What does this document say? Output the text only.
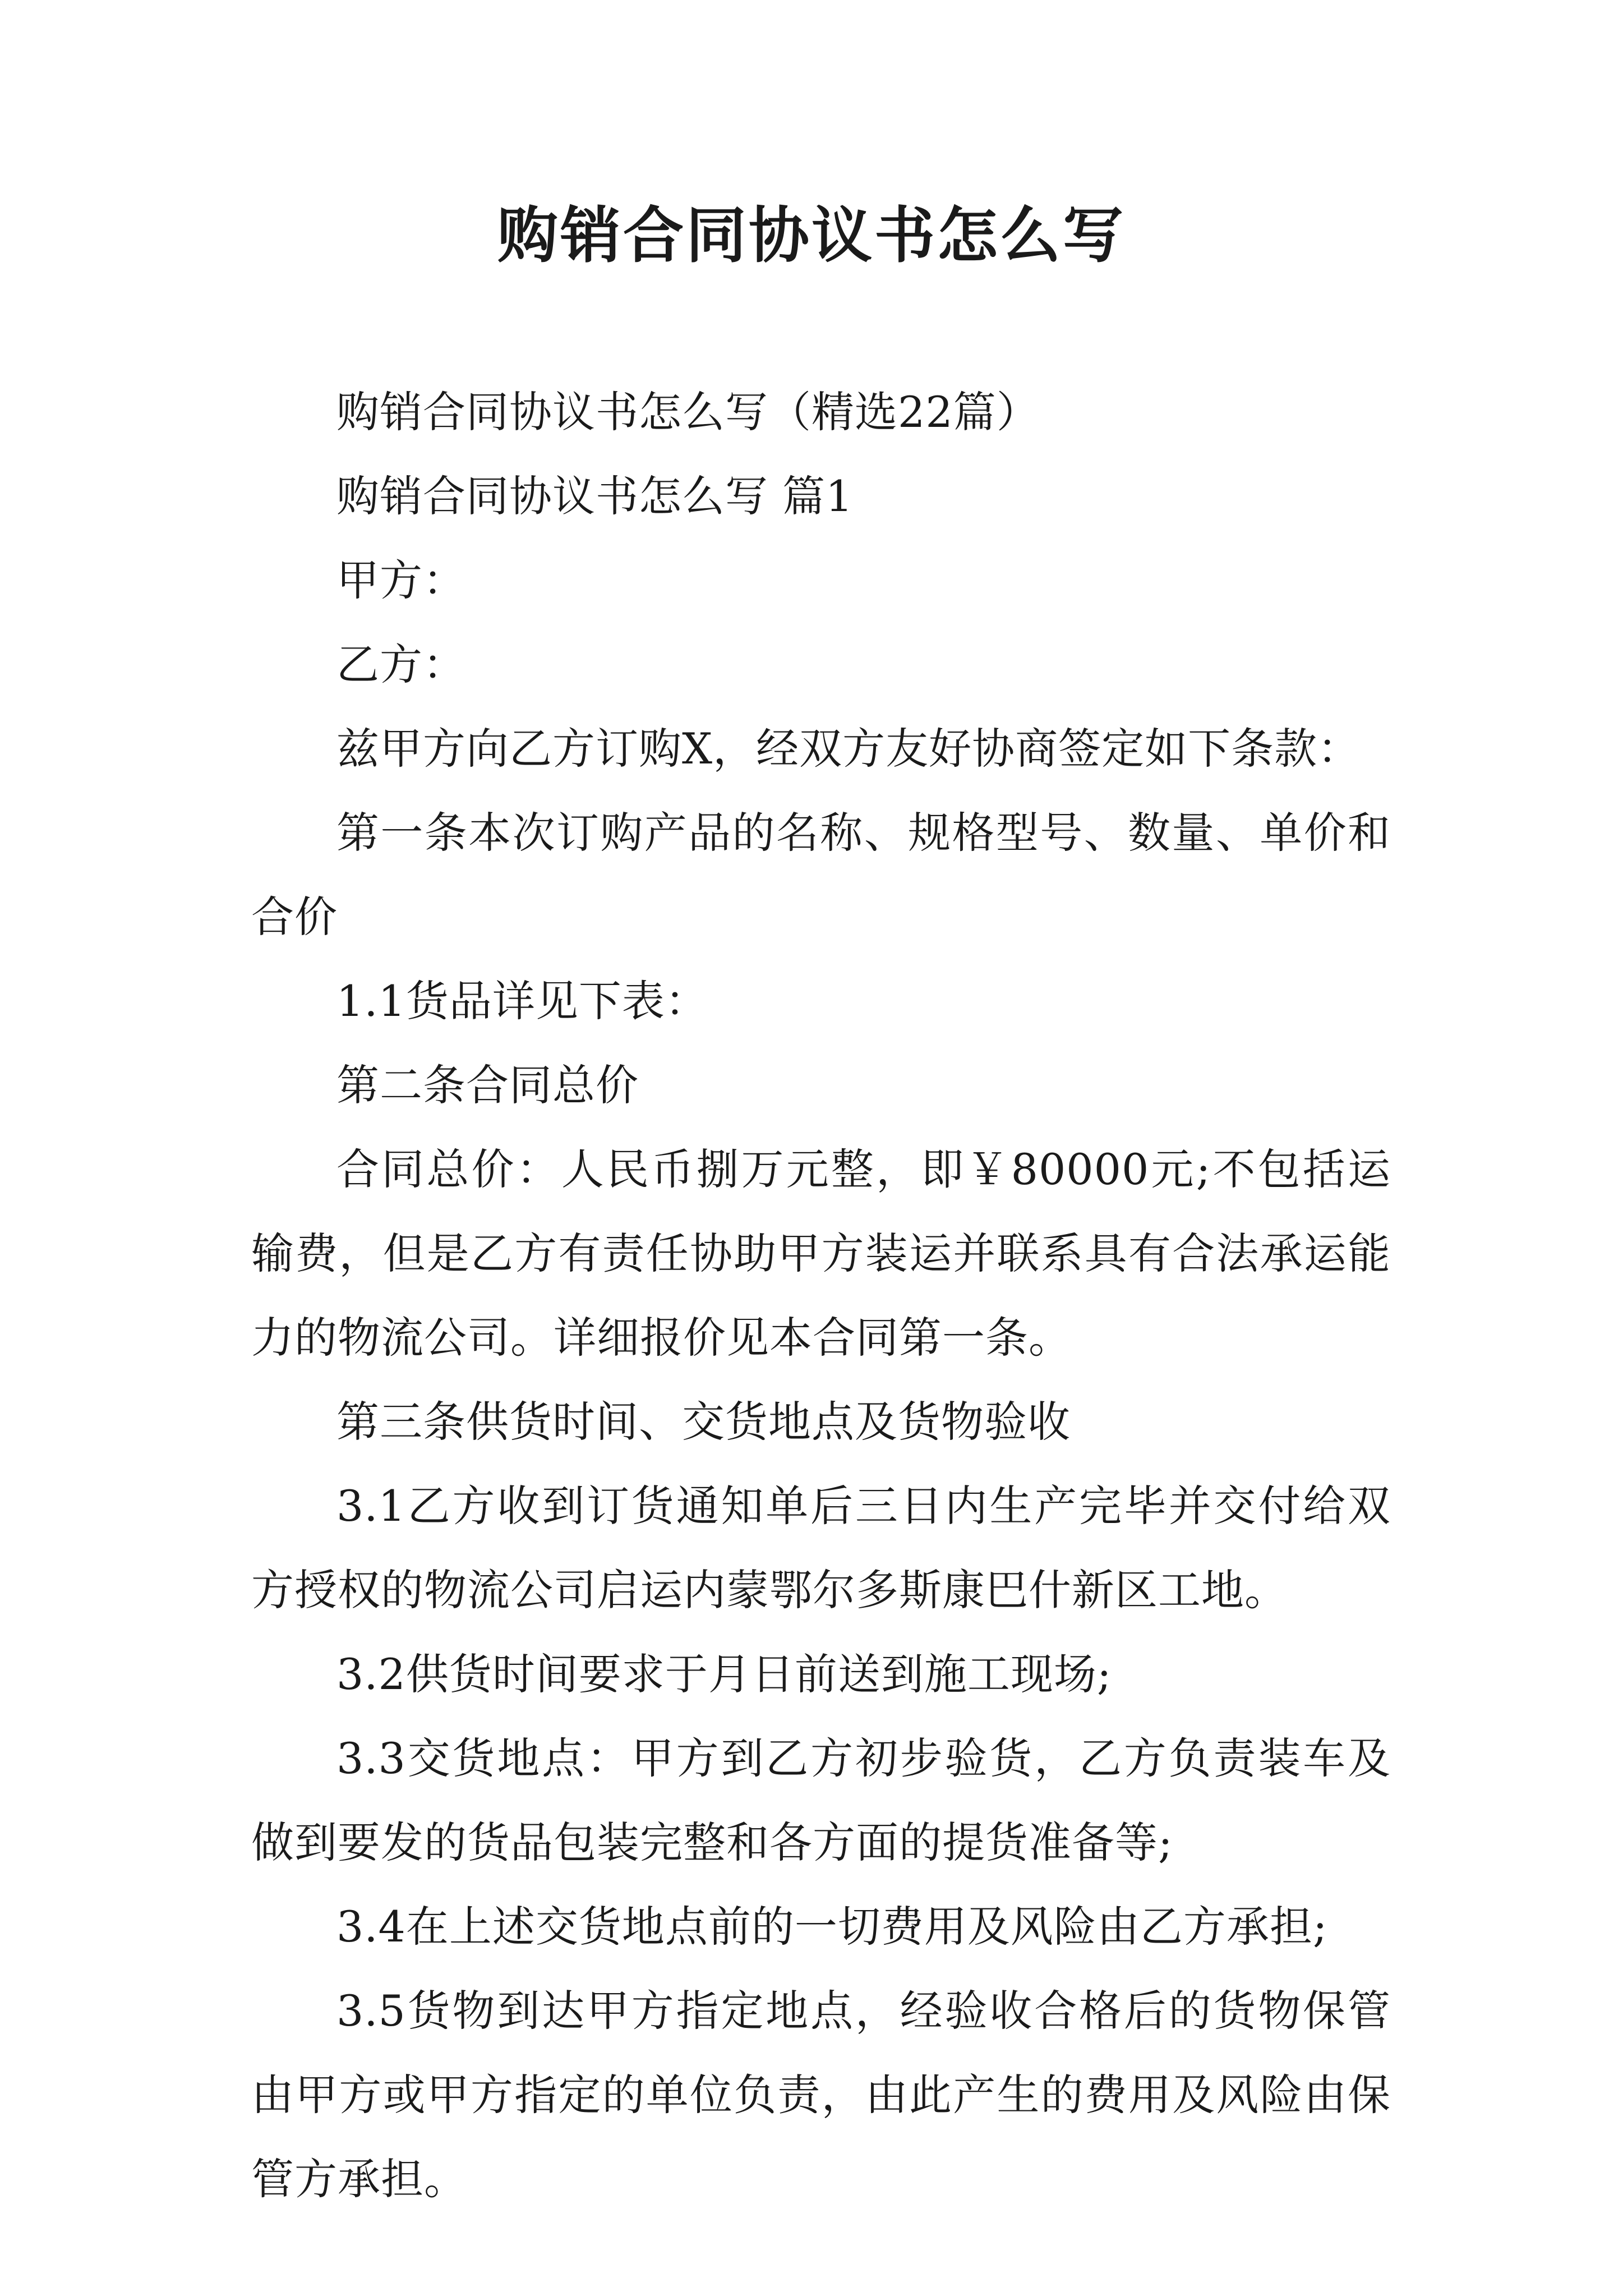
购销合同协议书怎么写

购销合同协议书怎么写（精选22篇）

购销合同协议书怎么写 篇1

甲方：

乙方：

兹甲方向乙方订购X，经双方友好协商签定如下条款：

第一条本次订购产品的名称、规格型号、数量、单价和合价

1.1货品详见下表：

第二条合同总价

合同总价：人民币捌万元整，即￥80000元;不包括运输费，但是乙方有责任协助甲方装运并联系具有合法承运能力的物流公司。详细报价见本合同第一条。

第三条供货时间、交货地点及货物验收

3.1乙方收到订货通知单后三日内生产完毕并交付给双方授权的物流公司启运内蒙鄂尔多斯康巴什新区工地。

3.2供货时间要求于月日前送到施工现场;

3.3交货地点：甲方到乙方初步验货，乙方负责装车及做到要发的货品包装完整和各方面的提货准备等;

3.4在上述交货地点前的一切费用及风险由乙方承担;

3.5货物到达甲方指定地点，经验收合格后的货物保管由甲方或甲方指定的单位负责，由此产生的费用及风险由保管方承担。
